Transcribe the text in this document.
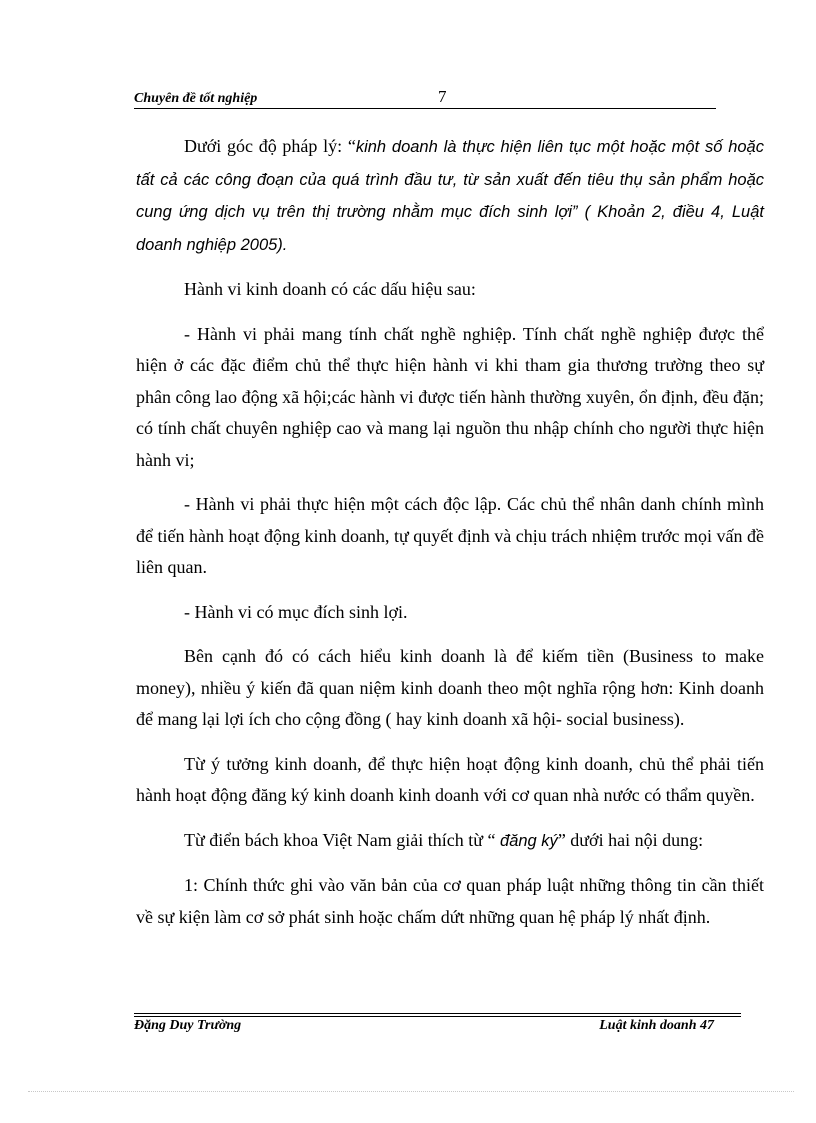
Chuyên đề tốt nghiệp	7

Dưới góc độ pháp lý: “kinh doanh là thực hiện liên tục một hoặc một số hoặc tất cả các công đoạn của quá trình đầu tư, từ sản xuất đến tiêu thụ sản phẩm hoặc cung ứng dịch vụ trên thị trường nhằm mục đích sinh lợi” ( Khoản 2, điều 4, Luật doanh nghiệp 2005).

Hành vi kinh doanh có các dấu hiệu sau:

- Hành vi phải mang tính chất nghề nghiệp. Tính chất nghề nghiệp được thể hiện ở các đặc điểm chủ thể thực hiện hành vi khi tham gia thương trường theo sự phân công lao động xã hội;các hành vi được tiến hành thường xuyên, ổn định, đều đặn; có tính chất chuyên nghiệp cao và mang lại nguồn thu nhập chính cho người thực hiện hành vi;

- Hành vi phải thực hiện một cách độc lập. Các chủ thể nhân danh chính mình để tiến hành hoạt động kinh doanh, tự quyết định và chịu trách nhiệm trước mọi vấn đề liên quan.

- Hành vi có mục đích sinh lợi.

Bên cạnh đó có cách hiểu kinh doanh là để kiếm tiền (Business to make money), nhiều ý kiến đã quan niệm kinh doanh theo một nghĩa rộng hơn: Kinh doanh để mang lại lợi ích cho cộng đồng ( hay kinh doanh xã hội- social business).

Từ ý tưởng kinh doanh, để thực hiện hoạt động kinh doanh, chủ thể phải tiến hành hoạt động đăng ký kinh doanh kinh doanh với cơ quan nhà nước có thẩm quyền.

Từ điển bách khoa Việt Nam giải thích từ “ đăng ký” dưới hai nội dung:

1: Chính thức ghi vào văn bản của cơ quan pháp luật những thông tin cần thiết về sự kiện làm cơ sở phát sinh hoặc chấm dứt những quan hệ pháp lý nhất định.

Đặng Duy Trường	Luật kinh doanh 47
